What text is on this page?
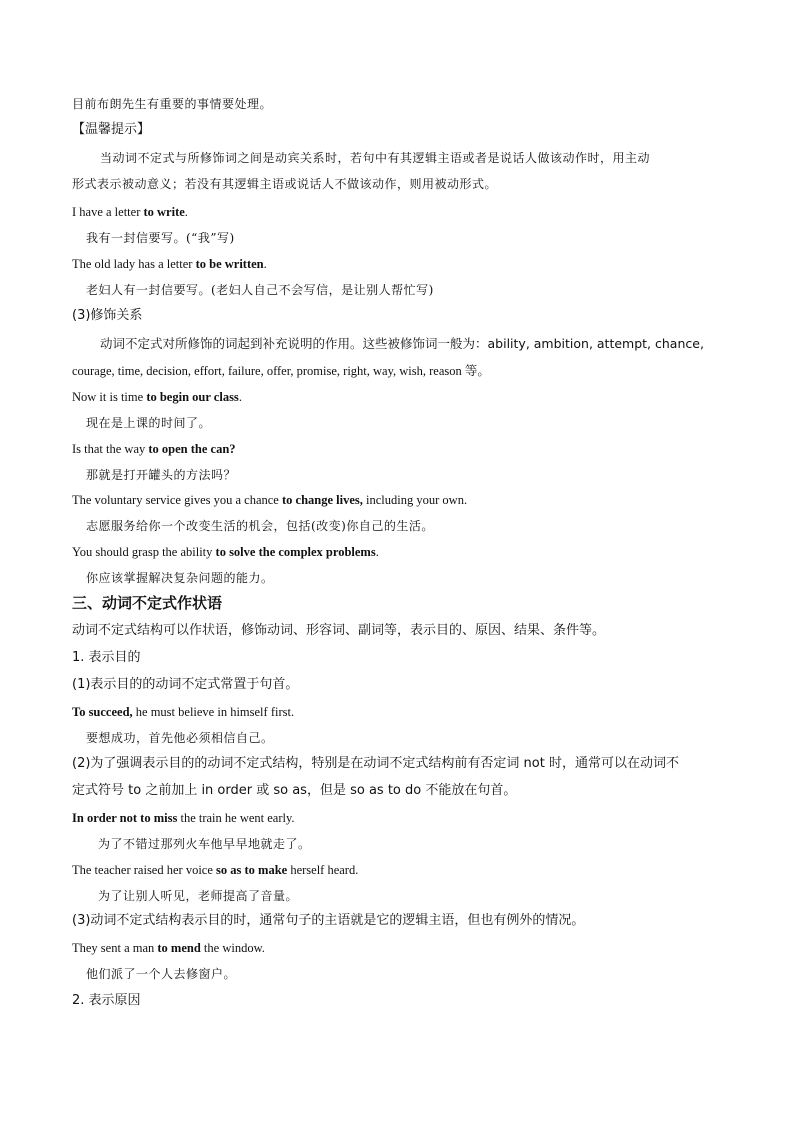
目前布朗先生有重要的事情要处理。
【温馨提示】
当动词不定式与所修饰词之间是动宾关系时，若句中有其逻辑主语或者是说话人做该动作时，用主动
形式表示被动意义；若没有其逻辑主语或说话人不做该动作，则用被动形式。
I have a letter to write.
我有一封信要写。(“我”写)
The old lady has a letter to be written.
老妇人有一封信要写。(老妇人自己不会写信，是让别人帮忙写)
(3)修饰关系
动词不定式对所修饰的词起到补充说明的作用。这些被修饰词一般为：ability, ambition, attempt, chance,
courage, time, decision, effort, failure, offer, promise, right, way, wish, reason 等。
Now it is time to begin our class.
现在是上课的时间了。
Is that the way to open the can?
那就是打开罐头的方法吗？
The voluntary service gives you a chance to change lives, including your own.
志愿服务给你一个改变生活的机会，包括(改变)你自己的生活。
You should grasp the ability to solve the complex problems.
你应该掌握解决复杂问题的能力。
三、动词不定式作状语
动词不定式结构可以作状语，修饰动词、形容词、副词等，表示目的、原因、结果、条件等。
1. 表示目的
(1)表示目的的动词不定式常置于句首。
To succeed, he must believe in himself first.
要想成功，首先他必须相信自己。
(2)为了强调表示目的的动词不定式结构，特别是在动词不定式结构前有否定词 not 时，通常可以在动词不
定式符号 to 之前加上 in order 或 so as，但是 so as to do 不能放在句首。
In order not to miss the train he went early.
为了不错过那列火车他早早地就走了。
The teacher raised her voice so as to make herself heard.
为了让别人听见，老师提高了音量。
(3)动词不定式结构表示目的时，通常句子的主语就是它的逻辑主语，但也有例外的情况。
They sent a man to mend the window.
他们派了一个人去修窗户。
2. 表示原因
